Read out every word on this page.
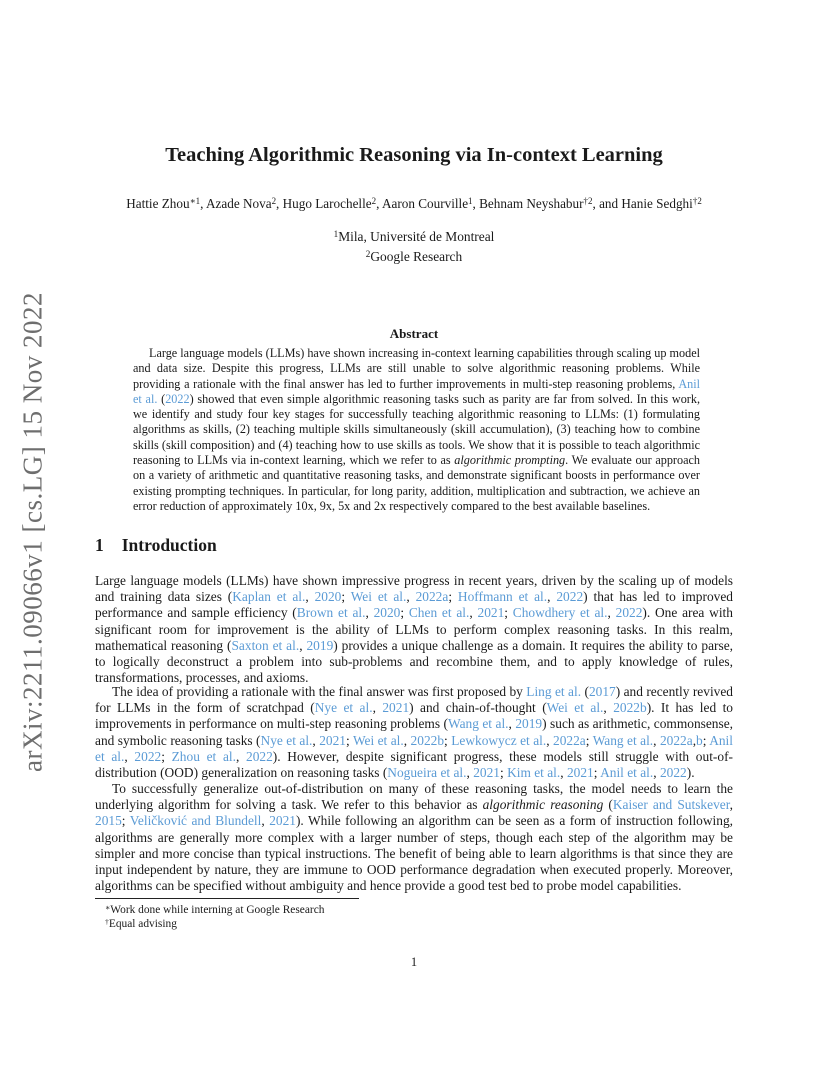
arXiv:2211.09066v1 [cs.LG] 15 Nov 2022
Teaching Algorithmic Reasoning via In-context Learning
Hattie Zhou$^{∗1}$, Azade Nova$^2$, Hugo Larochelle$^2$, Aaron Courville$^1$, Behnam Neyshabur$^{\dagger 2}$, and Hanie Sedghi$^{\dagger 2}$
$^1$Mila, Université de Montreal
$^2$Google Research
Abstract
Large language models (LLMs) have shown increasing in-context learning capabilities through scaling up model and data size. Despite this progress, LLMs are still unable to solve algorithmic reasoning problems. While providing a rationale with the final answer has led to further improvements in multi-step reasoning problems, Anil et al. (2022) showed that even simple algorithmic reasoning tasks such as parity are far from solved. In this work, we identify and study four key stages for successfully teaching algorithmic reasoning to LLMs: (1) formulating algorithms as skills, (2) teaching multiple skills simultaneously (skill accumulation), (3) teaching how to combine skills (skill composition) and (4) teaching how to use skills as tools. We show that it is possible to teach algorithmic reasoning to LLMs via in-context learning, which we refer to as algorithmic prompting. We evaluate our approach on a variety of arithmetic and quantitative reasoning tasks, and demonstrate significant boosts in performance over existing prompting techniques. In particular, for long parity, addition, multiplication and subtraction, we achieve an error reduction of approximately 10x, 9x, 5x and 2x respectively compared to the best available baselines.
1 Introduction

Large language models (LLMs) have shown impressive progress in recent years, driven by the scaling up of models and training data sizes (Kaplan et al., 2020; Wei et al., 2022a; Hoffmann et al., 2022) that has led to improved performance and sample efficiency (Brown et al., 2020; Chen et al., 2021; Chowdhery et al., 2022). One area with significant room for improvement is the ability of LLMs to perform complex reasoning tasks. In this realm, mathematical reasoning (Saxton et al., 2019) provides a unique challenge as a domain. It requires the ability to parse, to logically deconstruct a problem into sub-problems and recombine them, and to apply knowledge of rules, transformations, processes, and axioms.

The idea of providing a rationale with the final answer was first proposed by Ling et al. (2017) and recently revived for LLMs in the form of scratchpad (Nye et al., 2021) and chain-of-thought (Wei et al., 2022b). It has led to improvements in performance on multi-step reasoning problems (Wang et al., 2019) such as arithmetic, commonsense, and symbolic reasoning tasks (Nye et al., 2021; Wei et al., 2022b; Lewkowycz et al., 2022a; Wang et al., 2022a,b; Anil et al., 2022; Zhou et al., 2022). However, despite significant progress, these models still struggle with out-of-distribution (OOD) generalization on reasoning tasks (Nogueira et al., 2021; Kim et al., 2021; Anil et al., 2022).

To successfully generalize out-of-distribution on many of these reasoning tasks, the model needs to learn the underlying algorithm for solving a task. We refer to this behavior as algorithmic reasoning (Kaiser and Sutskever, 2015; Veličković and Blundell, 2021). While following an algorithm can be seen as a form of instruction following, algorithms are generally more complex with a larger number of steps, though each step of the algorithm may be simpler and more concise than typical instructions. The benefit of being able to learn algorithms is that since they are input independent by nature, they are immune to OOD performance degradation when executed properly. Moreover, algorithms can be specified without ambiguity and hence provide a good test bed to probe model capabilities.

∗Work done while interning at Google Research
†Equal advising
1
